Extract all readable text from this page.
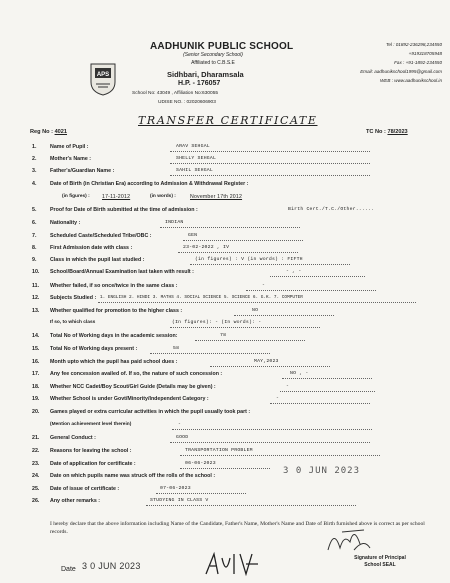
APS
AADHUNIK PUBLIC SCHOOL
(Senior Secondary School)
Affiliated to C.B.S.E
Sidhbari, Dharamsala
H.P. - 176057
School No: 43049 , Affiliation No:630055
UDISE NO. : 02020606903
Tel : 01892-236298,234550
+919318705948
Fax : +91-1892-234550
Email: aadhunikschool1995@gmail.com
WEB : www.aadhunikschool.in
TRANSFER CERTIFICATE
Reg No : 4021	TC No : 78/2023
1.	Name of Pupil :	ARAV SEHGAL
2.	Mother's Name :	SHELLY SEHGAL
3.	Father's/Guardian Name :	SAHIL SEHGAL
4.	Date of Birth (in Christian Era) according to Admission & Withdrawal Register :
(in figures) : 17-11-2012	(in words) :	November 17th 2012
5.	Proof for Date of Birth submitted at the time of admission :	Birth Cert./T.C./Other......
6.	Nationality :	INDIAN
7.	Scheduled Caste/Scheduled Tribe/OBC :	GEN
8.	First Admission date with class :	23-02-2022 , IV
9.	Class in which the pupil last studied :	(in figures) : V (in words) : FIFTH
10. School/Board/Annual Examination last taken with result :	- , -
11. Whether failed, if so once/twice in the same class :	-
12. Subjects Studied : 1. ENGLISH 2. HINDI 3. MATHS 4. SOCIAL SCIENCE 5. SCIENCE 6. G.K. 7. COMPUTER
13. Whether qualified for promotion to the higher class :	NO
If so, to which class	(In figures): - (In words): -
14. Total No of Working days in the academic session:	78
15. Total No of Working days present :	58
16. Month upto which the pupil has paid school dues :	MAY,2023
17. Any fee concession availed of. If so, the nature of such concession :	NO , -
18. Whether NCC Cadet/Boy Scout/Girl Guide (Details may be given) :	-
19. Whether School is under Govt/Minority/Independent Category :	-
20. Games played or extra curricular activities in which the pupil usually took part :
(Mention achievement level therein)	-
21. General Conduct :	GOOD
22. Reasons for leaving the school :	TRANSPORTATION PROBLEM
23. Date of application for certificate :	06-06-2023
24. Date on which pupils name was struck off the rolls of the school :	3 0 JUN 2023
25. Date of issue of certificate :	07-06-2023
26. Any other remarks :	STUDYING IN CLASS V
I hereby declare that the above information including Name of the Candidate, Father's Name, Mother's Name and Date of Birth furnished above is correct as per school records.
Date 3 0 JUN 2023
Signature of Principal
School SEAL
